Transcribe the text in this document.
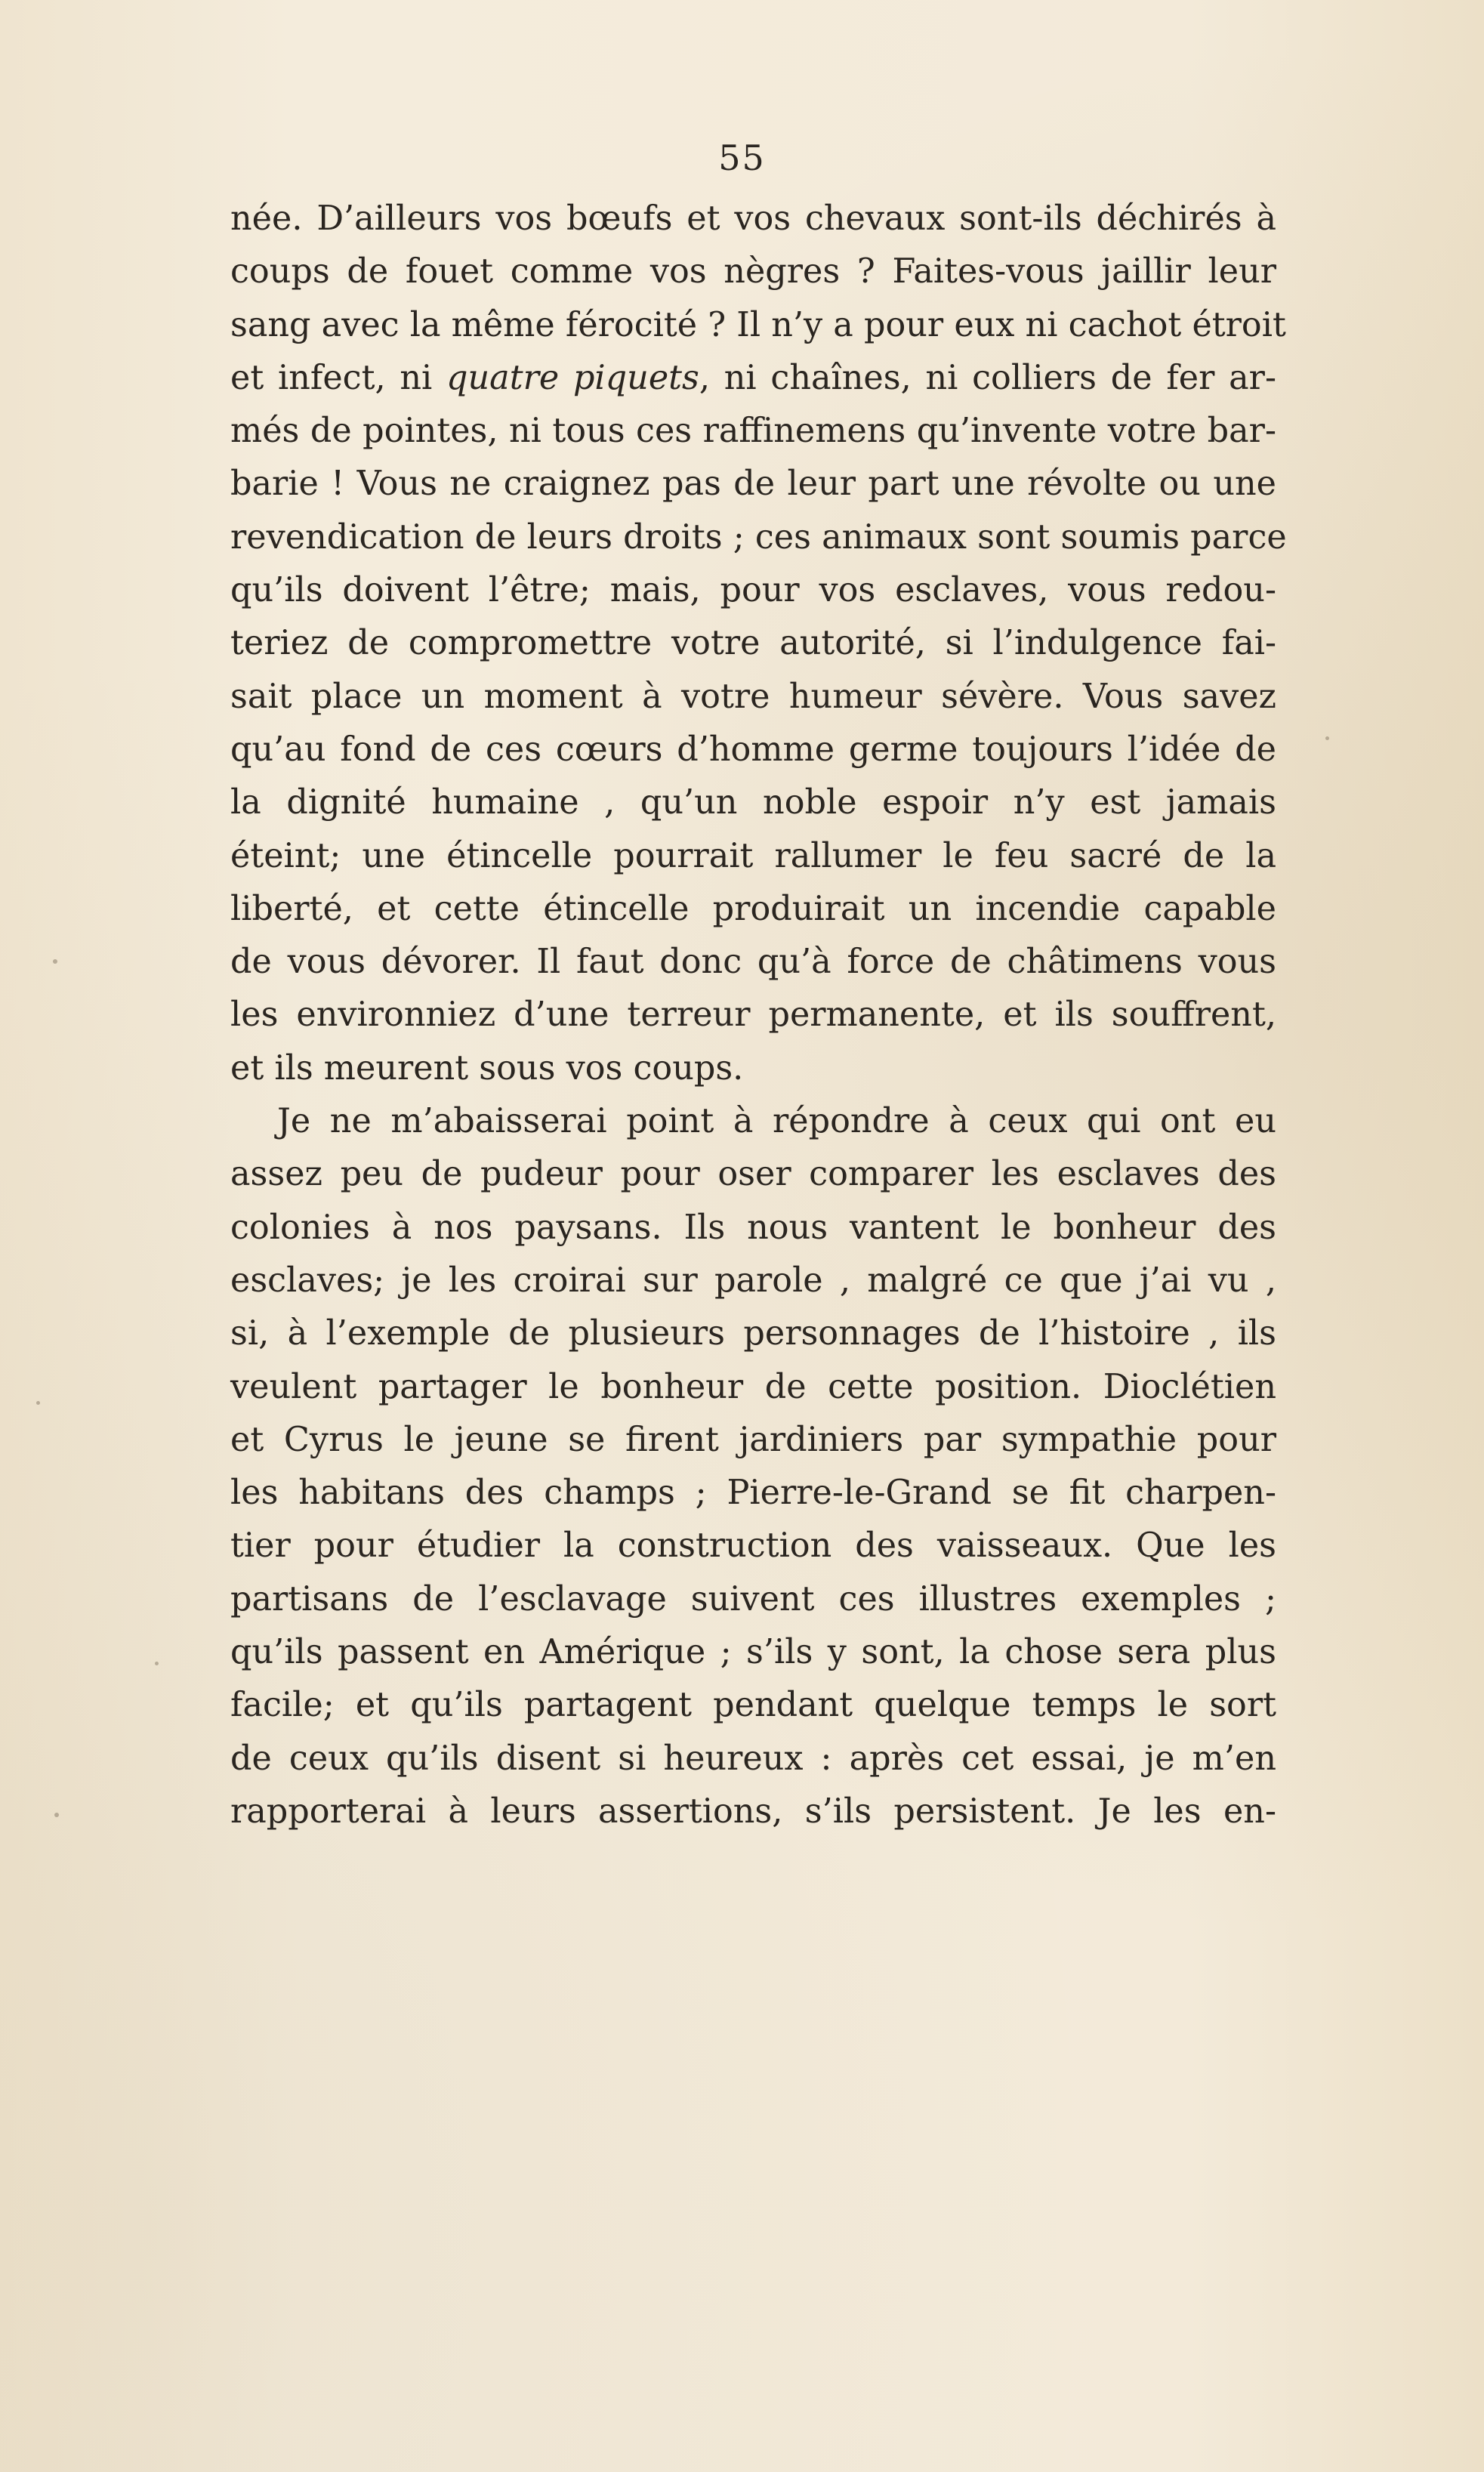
55
née. D’ailleurs vos bœufs et vos chevaux sont-ils déchirés à
coups de fouet comme vos nègres ? Faites-vous jaillir leur
sang avec la même férocité ? Il n’y a pour eux ni cachot étroit
et infect, ni quatre piquets, ni chaînes, ni colliers de fer ar-
més de pointes, ni tous ces raffinemens qu’invente votre bar-
barie ! Vous ne craignez pas de leur part une révolte ou une
revendication de leurs droits ; ces animaux sont soumis parce
qu’ils doivent l’être; mais, pour vos esclaves, vous redou-
teriez de compromettre votre autorité, si l’indulgence fai-
sait place un moment à votre humeur sévère. Vous savez
qu’au fond de ces cœurs d’homme germe toujours l’idée de
la dignité humaine , qu’un noble espoir n’y est jamais
éteint; une étincelle pourrait rallumer le feu sacré de la
liberté, et cette étincelle produirait un incendie capable
de vous dévorer. Il faut donc qu’à force de châtimens vous
les environniez d’une terreur permanente, et ils souffrent,
et ils meurent sous vos coups.
Je ne m’abaisserai point à répondre à ceux qui ont eu
assez peu de pudeur pour oser comparer les esclaves des
colonies à nos paysans. Ils nous vantent le bonheur des
esclaves; je les croirai sur parole , malgré ce que j’ai vu ,
si, à l’exemple de plusieurs personnages de l’histoire , ils
veulent partager le bonheur de cette position. Dioclétien
et Cyrus le jeune se firent jardiniers par sympathie pour
les habitans des champs ; Pierre-le-Grand se fit charpen-
tier pour étudier la construction des vaisseaux. Que les
partisans de l’esclavage suivent ces illustres exemples ;
qu’ils passent en Amérique ; s’ils y sont, la chose sera plus
facile; et qu’ils partagent pendant quelque temps le sort
de ceux qu’ils disent si heureux : après cet essai, je m’en
rapporterai à leurs assertions, s’ils persistent. Je les en-
